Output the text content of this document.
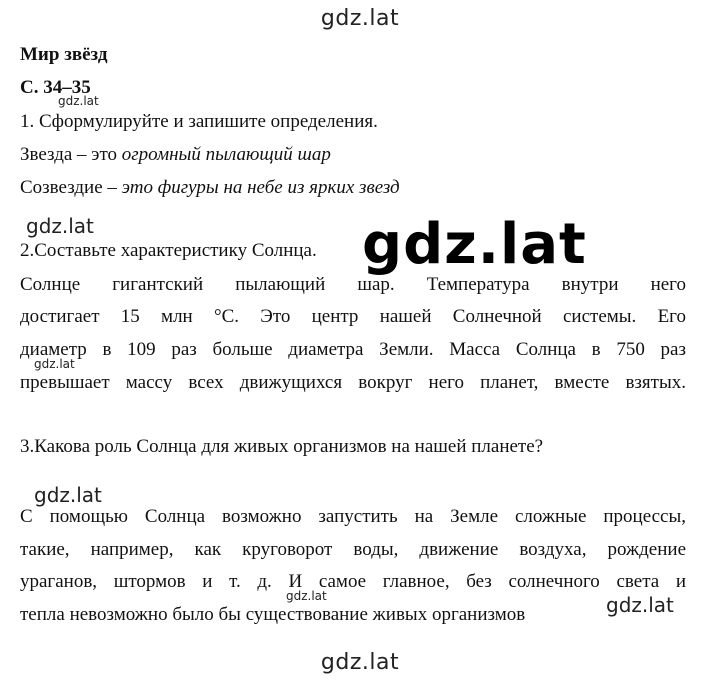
gdz.lat
Мир звёзд
С. 34–35
gdz.lat
1. Сформулируйте и запишите определения.
Звезда – это огромный пылающий шар
Созвездие – это фигуры на небе из ярких звезд
gdz.lat
2.Составьте характеристику Солнца. gdz.lat
Солнце гигантский пылающий шар. Температура внутри него
достигает 15 млн °С. Это центр нашей Солнечной системы. Его
диаметр в 109 раз больше диаметра Земли. Масса Солнца в 750 раз
gdz.lat
превышает массу всех движущихся вокруг него планет, вместе взятых.
3.Какова роль Солнца для живых организмов на нашей планете?
gdz.lat
С помощью Солнца возможно запустить на Земле сложные процессы,
такие, например, как круговорот воды, движение воздуха, рождение
ураганов, штормов и т. д. И самое главное, без солнечного света и
gdz.lat
тепла невозможно было бы существование живых организмов	gdz.lat
gdz.lat
